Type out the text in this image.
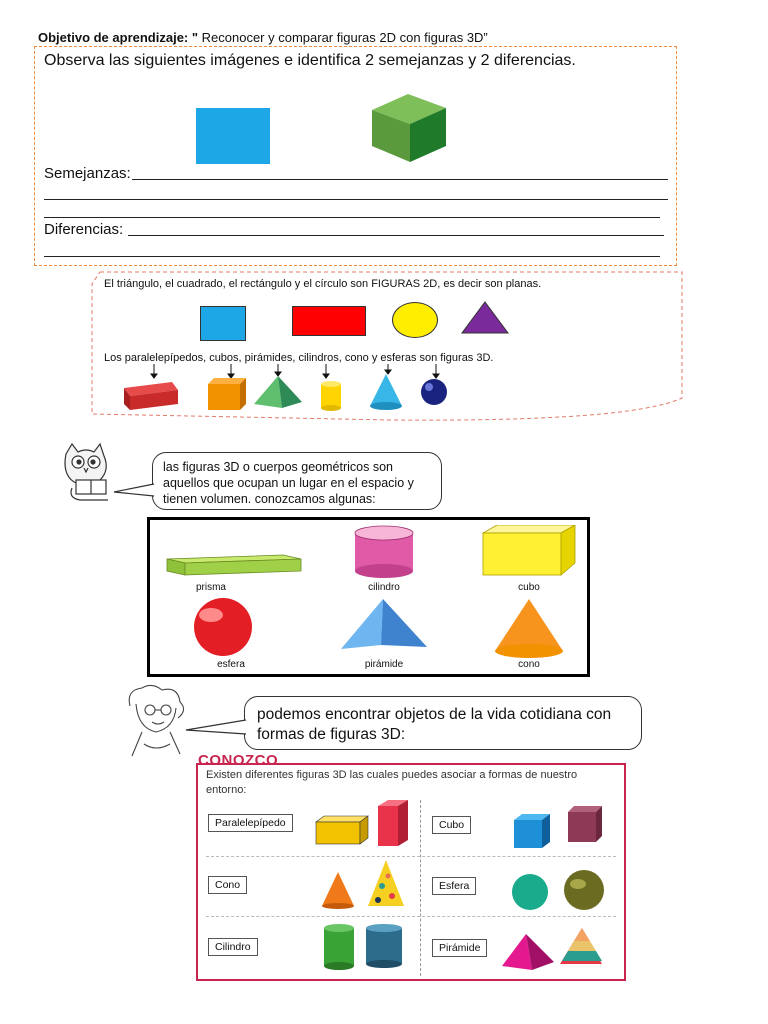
Objetivo de aprendizaje: " Reconocer y comparar figuras 2D con figuras 3D”
Observa las siguientes imágenes e identifica 2 semejanzas y 2 diferencias.
Semejanzas:
Diferencias:
El triángulo, el cuadrado, el rectángulo y el círculo son FIGURAS 2D, es decir son planas.
Los paralelepípedos, cubos, pirámides, cilindros, cono y esferas son figuras 3D.
las figuras 3D o cuerpos geométricos son aquellos que ocupan un lugar en el espacio y tienen volumen. conozcamos algunas:
prisma	cilindro	cubo
esfera	pirámide	cono
podemos encontrar objetos de la vida cotidiana con formas de figuras 3D:
CONOZCO
Existen diferentes figuras 3D las cuales puedes asociar a formas de nuestro entorno:
Paralelepípedo	Cubo
Cono	Esfera
Cilindro	Pirámide
